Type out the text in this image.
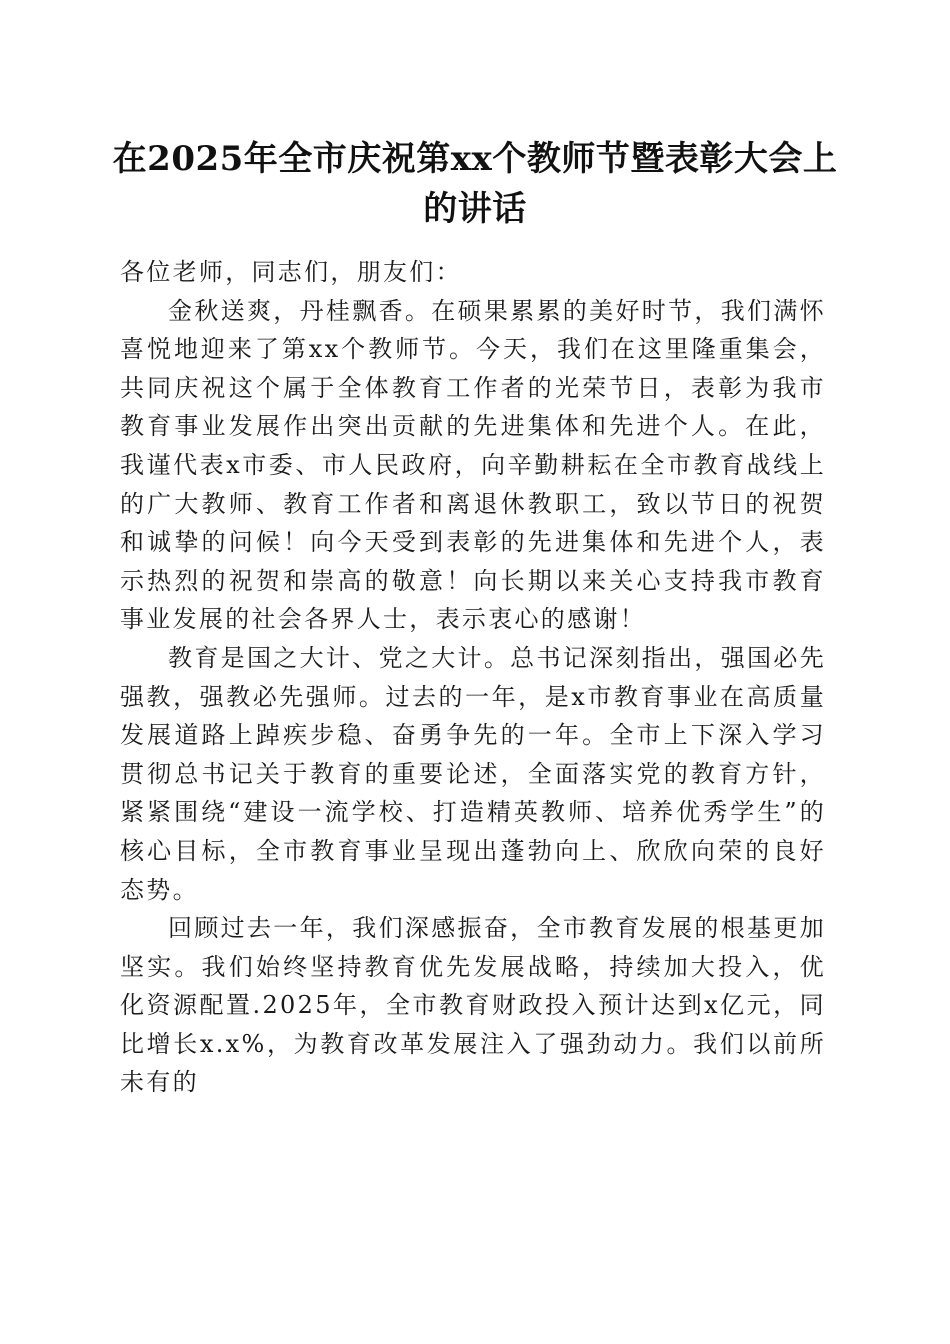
在2025年全市庆祝第xx个教师节暨表彰大会上的讲话

各位老师，同志们，朋友们：

金秋送爽，丹桂飘香。在硕果累累的美好时节，我们满怀喜悦地迎来了第xx个教师节。今天，我们在这里隆重集会，共同庆祝这个属于全体教育工作者的光荣节日，表彰为我市教育事业发展作出突出贡献的先进集体和先进个人。在此，我谨代表x市委、市人民政府，向辛勤耕耘在全市教育战线上的广大教师、教育工作者和离退休教职工，致以节日的祝贺和诚挚的问候！向今天受到表彰的先进集体和先进个人，表示热烈的祝贺和崇高的敬意！向长期以来关心支持我市教育事业发展的社会各界人士，表示衷心的感谢！

教育是国之大计、党之大计。总书记深刻指出，强国必先强教，强教必先强师。过去的一年，是x市教育事业在高质量发展道路上踔疾步稳、奋勇争先的一年。全市上下深入学习贯彻总书记关于教育的重要论述，全面落实党的教育方针，紧紧围绕“建设一流学校、打造精英教师、培养优秀学生”的核心目标，全市教育事业呈现出蓬勃向上、欣欣向荣的良好态势。

回顾过去一年，我们深感振奋，全市教育发展的根基更加坚实。我们始终坚持教育优先发展战略，持续加大投入，优化资源配置.2025年，全市教育财政投入预计达到x亿元，同比增长x.x%，为教育改革发展注入了强劲动力。我们以前所未有的
